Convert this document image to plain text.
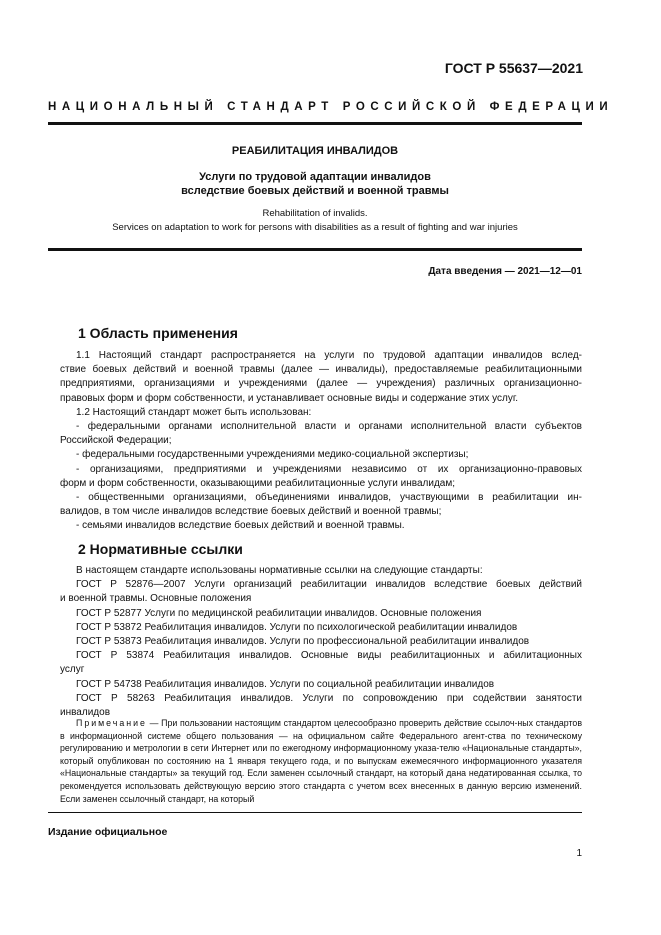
ГОСТ Р 55637—2021
НАЦИОНАЛЬНЫЙ СТАНДАРТ РОССИЙСКОЙ ФЕДЕРАЦИИ
РЕАБИЛИТАЦИЯ ИНВАЛИДОВ
Услуги по трудовой адаптации инвалидов
вследствие боевых действий и военной травмы
Rehabilitation of invalids.
Services on adaptation to work for persons with disabilities as a result of fighting and war injuries
Дата введения — 2021—12—01
1 Область применения

1.1 Настоящий стандарт распространяется на услуги по трудовой адаптации инвалидов вслед-

ствие боевых действий и военной травмы (далее — инвалиды), предоставляемые реабилитационными

предприятиями, организациями и учреждениями (далее — учреждения) различных организационно-

правовых форм и форм собственности, и устанавливает основные виды и содержание этих услуг.

1.2 Настоящий стандарт может быть использован:

- федеральными органами исполнительной власти и органами исполнительной власти субъектов

Российской Федерации;

- федеральными государственными учреждениями медико-социальной экспертизы;

- организациями, предприятиями и учреждениями независимо от их организационно-правовых

форм и форм собственности, оказывающими реабилитационные услуги инвалидам;

- общественными организациями, объединениями инвалидов, участвующими в реабилитации ин-

валидов, в том числе инвалидов вследствие боевых действий и военной травмы;

- семьями инвалидов вследствие боевых действий и военной травмы.

2 Нормативные ссылки

В настоящем стандарте использованы нормативные ссылки на следующие стандарты:

ГОСТ Р 52876—2007 Услуги организаций реабилитации инвалидов вследствие боевых действий

и военной травмы. Основные положения

ГОСТ Р 52877 Услуги по медицинской реабилитации инвалидов. Основные положения

ГОСТ Р 53872 Реабилитация инвалидов. Услуги по психологической реабилитации инвалидов

ГОСТ Р 53873 Реабилитация инвалидов. Услуги по профессиональной реабилитации инвалидов

ГОСТ Р 53874 Реабилитация инвалидов. Основные виды реабилитационных и абилитационных

услуг

ГОСТ Р 54738 Реабилитация инвалидов. Услуги по социальной реабилитации инвалидов

ГОСТ Р 58263 Реабилитация инвалидов. Услуги по сопровождению при содействии занятости

инвалидов

Примечание — При пользовании настоящим стандартом целесообразно проверить действие ссылоч-ных стандартов в информационной системе общего пользования — на официальном сайте Федерального агент-ства по техническому регулированию и метрологии в сети Интернет или по ежегодному информационному указа-телю «Национальные стандарты», который опубликован по состоянию на 1 января текущего года, и по выпускам ежемесячного информационного указателя «Национальные стандарты» за текущий год. Если заменен ссылочный стандарт, на который дана недатированная ссылка, то рекомендуется использовать действующую версию этого стандарта с учетом всех внесенных в данную версию изменений. Если заменен ссылочный стандарт, на который
Издание официальное
1
